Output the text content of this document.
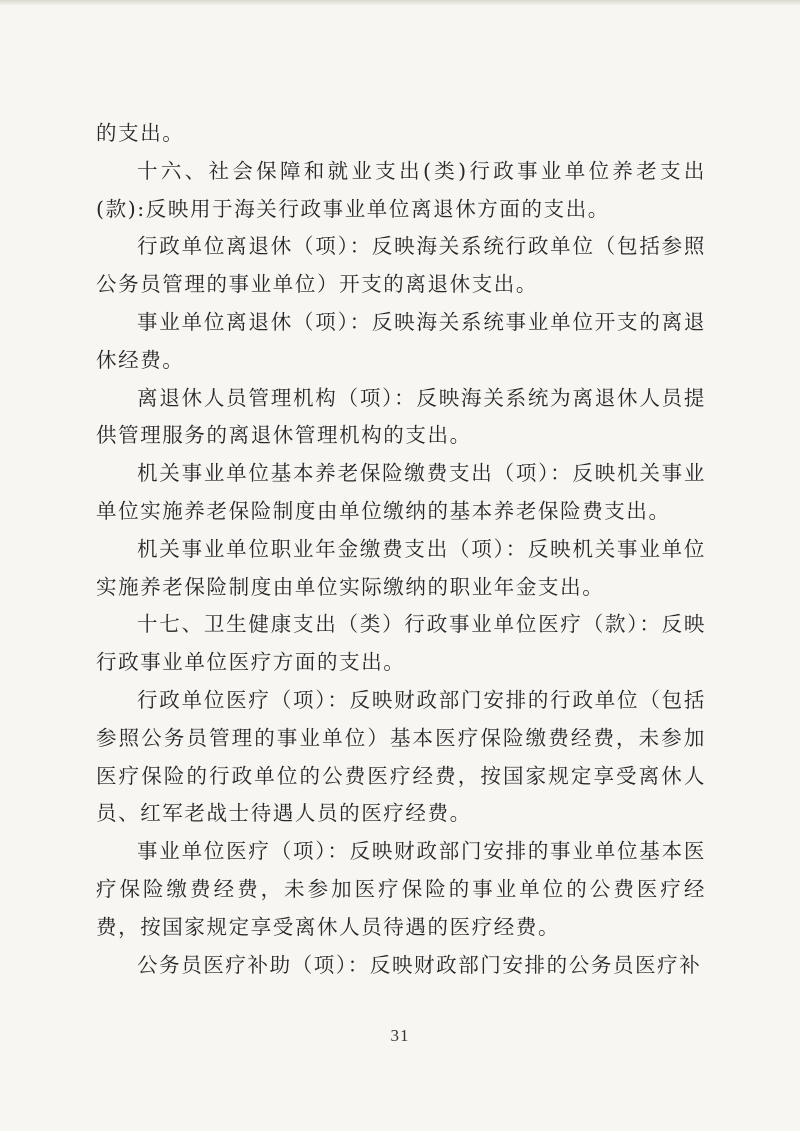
的支出。

十六、社会保障和就业支出(类)行政事业单位养老支出(款):反映用于海关行政事业单位离退休方面的支出。

行政单位离退休（项）：反映海关系统行政单位（包括参照公务员管理的事业单位）开支的离退休支出。

事业单位离退休（项）：反映海关系统事业单位开支的离退休经费。

离退休人员管理机构（项）：反映海关系统为离退休人员提供管理服务的离退休管理机构的支出。

机关事业单位基本养老保险缴费支出（项）：反映机关事业单位实施养老保险制度由单位缴纳的基本养老保险费支出。

机关事业单位职业年金缴费支出（项）：反映机关事业单位实施养老保险制度由单位实际缴纳的职业年金支出。

十七、卫生健康支出（类）行政事业单位医疗（款）：反映行政事业单位医疗方面的支出。

行政单位医疗（项）：反映财政部门安排的行政单位（包括参照公务员管理的事业单位）基本医疗保险缴费经费，未参加医疗保险的行政单位的公费医疗经费，按国家规定享受离休人员、红军老战士待遇人员的医疗经费。

事业单位医疗（项）：反映财政部门安排的事业单位基本医疗保险缴费经费，未参加医疗保险的事业单位的公费医疗经费，按国家规定享受离休人员待遇的医疗经费。

公务员医疗补助（项）：反映财政部门安排的公务员医疗补

31
